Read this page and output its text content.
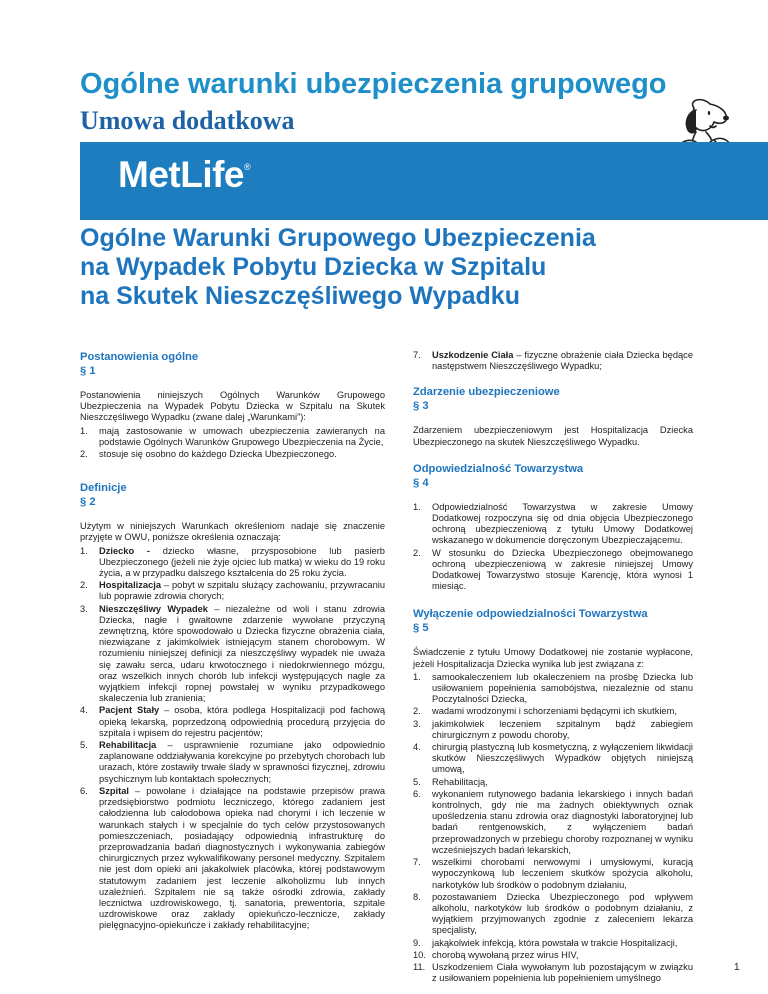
Ogólne warunki ubezpieczenia grupowego
Umowa dodatkowa
MetLife®
Ogólne Warunki Grupowego Ubezpieczenia
na Wypadek Pobytu Dziecka w Szpitalu
na Skutek Nieszczęśliwego Wypadku

Postanowienia ogólne
§ 1

Postanowienia niniejszych Ogólnych Warunków Grupowego Ubezpieczenia na Wypadek Pobytu Dziecka w Szpitalu na Skutek Nieszczęśliwego Wypadku (zwane dalej „Warunkami”):

1. mają zastosowanie w umowach ubezpieczenia zawieranych na podstawie Ogólnych Warunków Grupowego Ubezpieczenia na Życie,
2. stosuje się osobno do każdego Dziecka Ubezpieczonego.

Definicje
§ 2

Użytym w niniejszych Warunkach określeniom nadaje się znaczenie przyjęte w OWU, poniższe określenia oznaczają:

1. Dziecko - dziecko własne, przysposobione lub pasierb Ubezpieczonego (jeżeli nie żyje ojciec lub matka) w wieku do 19 roku życia, a w przypadku dalszego kształcenia do 25 roku życia.
2. Hospitalizacja – pobyt w szpitalu służący zachowaniu, przywracaniu lub poprawie zdrowia chorych;
3. Nieszczęśliwy Wypadek – niezależne od woli i stanu zdrowia Dziecka, nagłe i gwałtowne zdarzenie wywołane przyczyną zewnętrzną, które spowodowało u Dziecka fizyczne obrażenia ciała, niezwiązane z jakimkolwiek istniejącym stanem chorobowym. W rozumieniu niniejszej definicji za nieszczęśliwy wypadek nie uważa się zawału serca, udaru krwotocznego i niedokrwiennego mózgu, oraz wszelkich innych chorób lub infekcji występujących nagle za wyjątkiem infekcji ropnej powstałej w wyniku przypadkowego skaleczenia lub zranienia;
4. Pacjent Stały – osoba, która podlega Hospitalizacji pod fachową opieką lekarską, poprzedzoną odpowiednią procedurą przyjęcia do szpitala i wpisem do rejestru pacjentów;
5. Rehabilitacja – usprawnienie rozumiane jako odpowiednio zaplanowane oddziaływania korekcyjne po przebytych chorobach lub urazach, które zostawiły trwałe ślady w sprawności fizycznej, zdrowiu psychicznym lub kontaktach społecznych;
6. Szpital – powołane i działające na podstawie przepisów prawa przedsiębiorstwo podmiotu leczniczego, którego zadaniem jest całodzienna lub całodobowa opieka nad chorymi i ich leczenie w warunkach stałych i w specjalnie do tych celów przystosowanych pomieszczeniach, posiadający odpowiednią infrastrukturę do przeprowadzania badań diagnostycznych i wykonywania zabiegów chirurgicznych przez wykwalifikowany personel medyczny. Szpitalem nie jest dom opieki ani jakakolwiek placówka, której podstawowym statutowym zadaniem jest leczenie alkoholizmu lub innych uzależnień. Szpitalem nie są także ośrodki zdrowia, zakłady lecznictwa uzdrowiskowego, tj. sanatoria, prewentoria, szpitale uzdrowiskowe oraz zakłady opiekuńczo-lecznicze, zakłady pielęgnacyjno-opiekuńcze i zakłady rehabilitacyjne;
7. Uszkodzenie Ciała – fizyczne obrażenie ciała Dziecka będące następstwem Nieszczęśliwego Wypadku;

Zdarzenie ubezpieczeniowe
§ 3

Zdarzeniem ubezpieczeniowym jest Hospitalizacja Dziecka Ubezpieczonego na skutek Nieszczęśliwego Wypadku.

Odpowiedzialność Towarzystwa
§ 4

1. Odpowiedzialność Towarzystwa w zakresie Umowy Dodatkowej rozpoczyna się od dnia objęcia Ubezpieczonego ochroną ubezpieczeniową z tytułu Umowy Dodatkowej wskazanego w dokumencie doręczonym Ubezpieczającemu.
2. W stosunku do Dziecka Ubezpieczonego obejmowanego ochroną ubezpieczeniową w zakresie niniejszej Umowy Dodatkowej Towarzystwo stosuje Karencję, która wynosi 1 miesiąc.

Wyłączenie odpowiedzialności Towarzystwa
§ 5

Świadczenie z tytułu Umowy Dodatkowej nie zostanie wypłacone, jeżeli Hospitalizacja Dziecka wynika lub jest związana z:

1. samookaleczeniem lub okaleczeniem na prośbę Dziecka lub usiłowaniem popełnienia samobójstwa, niezależnie od stanu Poczytalności Dziecka,
2. wadami wrodzonymi i schorzeniami będącymi ich skutkiem,
3. jakimkolwiek leczeniem szpitalnym bądź zabiegiem chirurgicznym z powodu choroby,
4. chirurgią plastyczną lub kosmetyczną, z wyłączeniem likwidacji skutków Nieszczęśliwych Wypadków objętych niniejszą umową,
5. Rehabilitacją,
6. wykonaniem rutynowego badania lekarskiego i innych badań kontrolnych, gdy nie ma żadnych obiektywnych oznak upośledzenia stanu zdrowia oraz diagnostyki laboratoryjnej lub badań rentgenowskich, z wyłączeniem badań przeprowadzonych w przebiegu choroby rozpoznanej w wyniku wcześniejszych badań lekarskich,
7. wszelkimi chorobami nerwowymi i umysłowymi, kuracją wypoczynkową lub leczeniem skutków spożycia alkoholu, narkotyków lub środków o podobnym działaniu,
8. pozostawaniem Dziecka Ubezpieczonego pod wpływem alkoholu, narkotyków lub środków o podobnym działaniu, z wyjątkiem przyjmowanych zgodnie z zaleceniem lekarza specjalisty,
9. jakąkolwiek infekcją, która powstała w trakcie Hospitalizacji,
10. chorobą wywołaną przez wirus HIV,
11. Uszkodzeniem Ciała wywołanym lub pozostającym w związku z usiłowaniem popełnienia lub popełnieniem umyślnego
1
